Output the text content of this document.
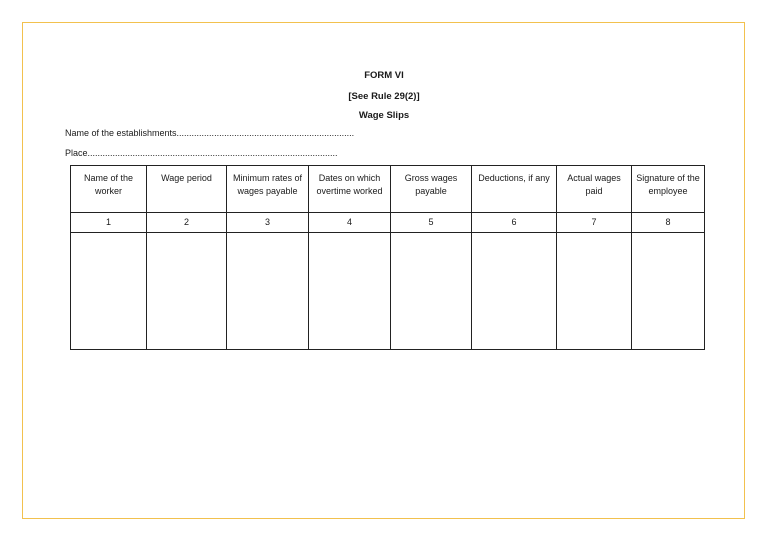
FORM VI
[See Rule 29(2)]
Wage Slips
Name of the establishments.......................................................................
Place....................................................................................................
Name of the worker	Wage period	Minimum rates of wages payable	Dates on which overtime worked	Gross wages payable	Deductions, if any	Actual wages paid	Signature of the employee
1	2	3	4	5	6	7	8
